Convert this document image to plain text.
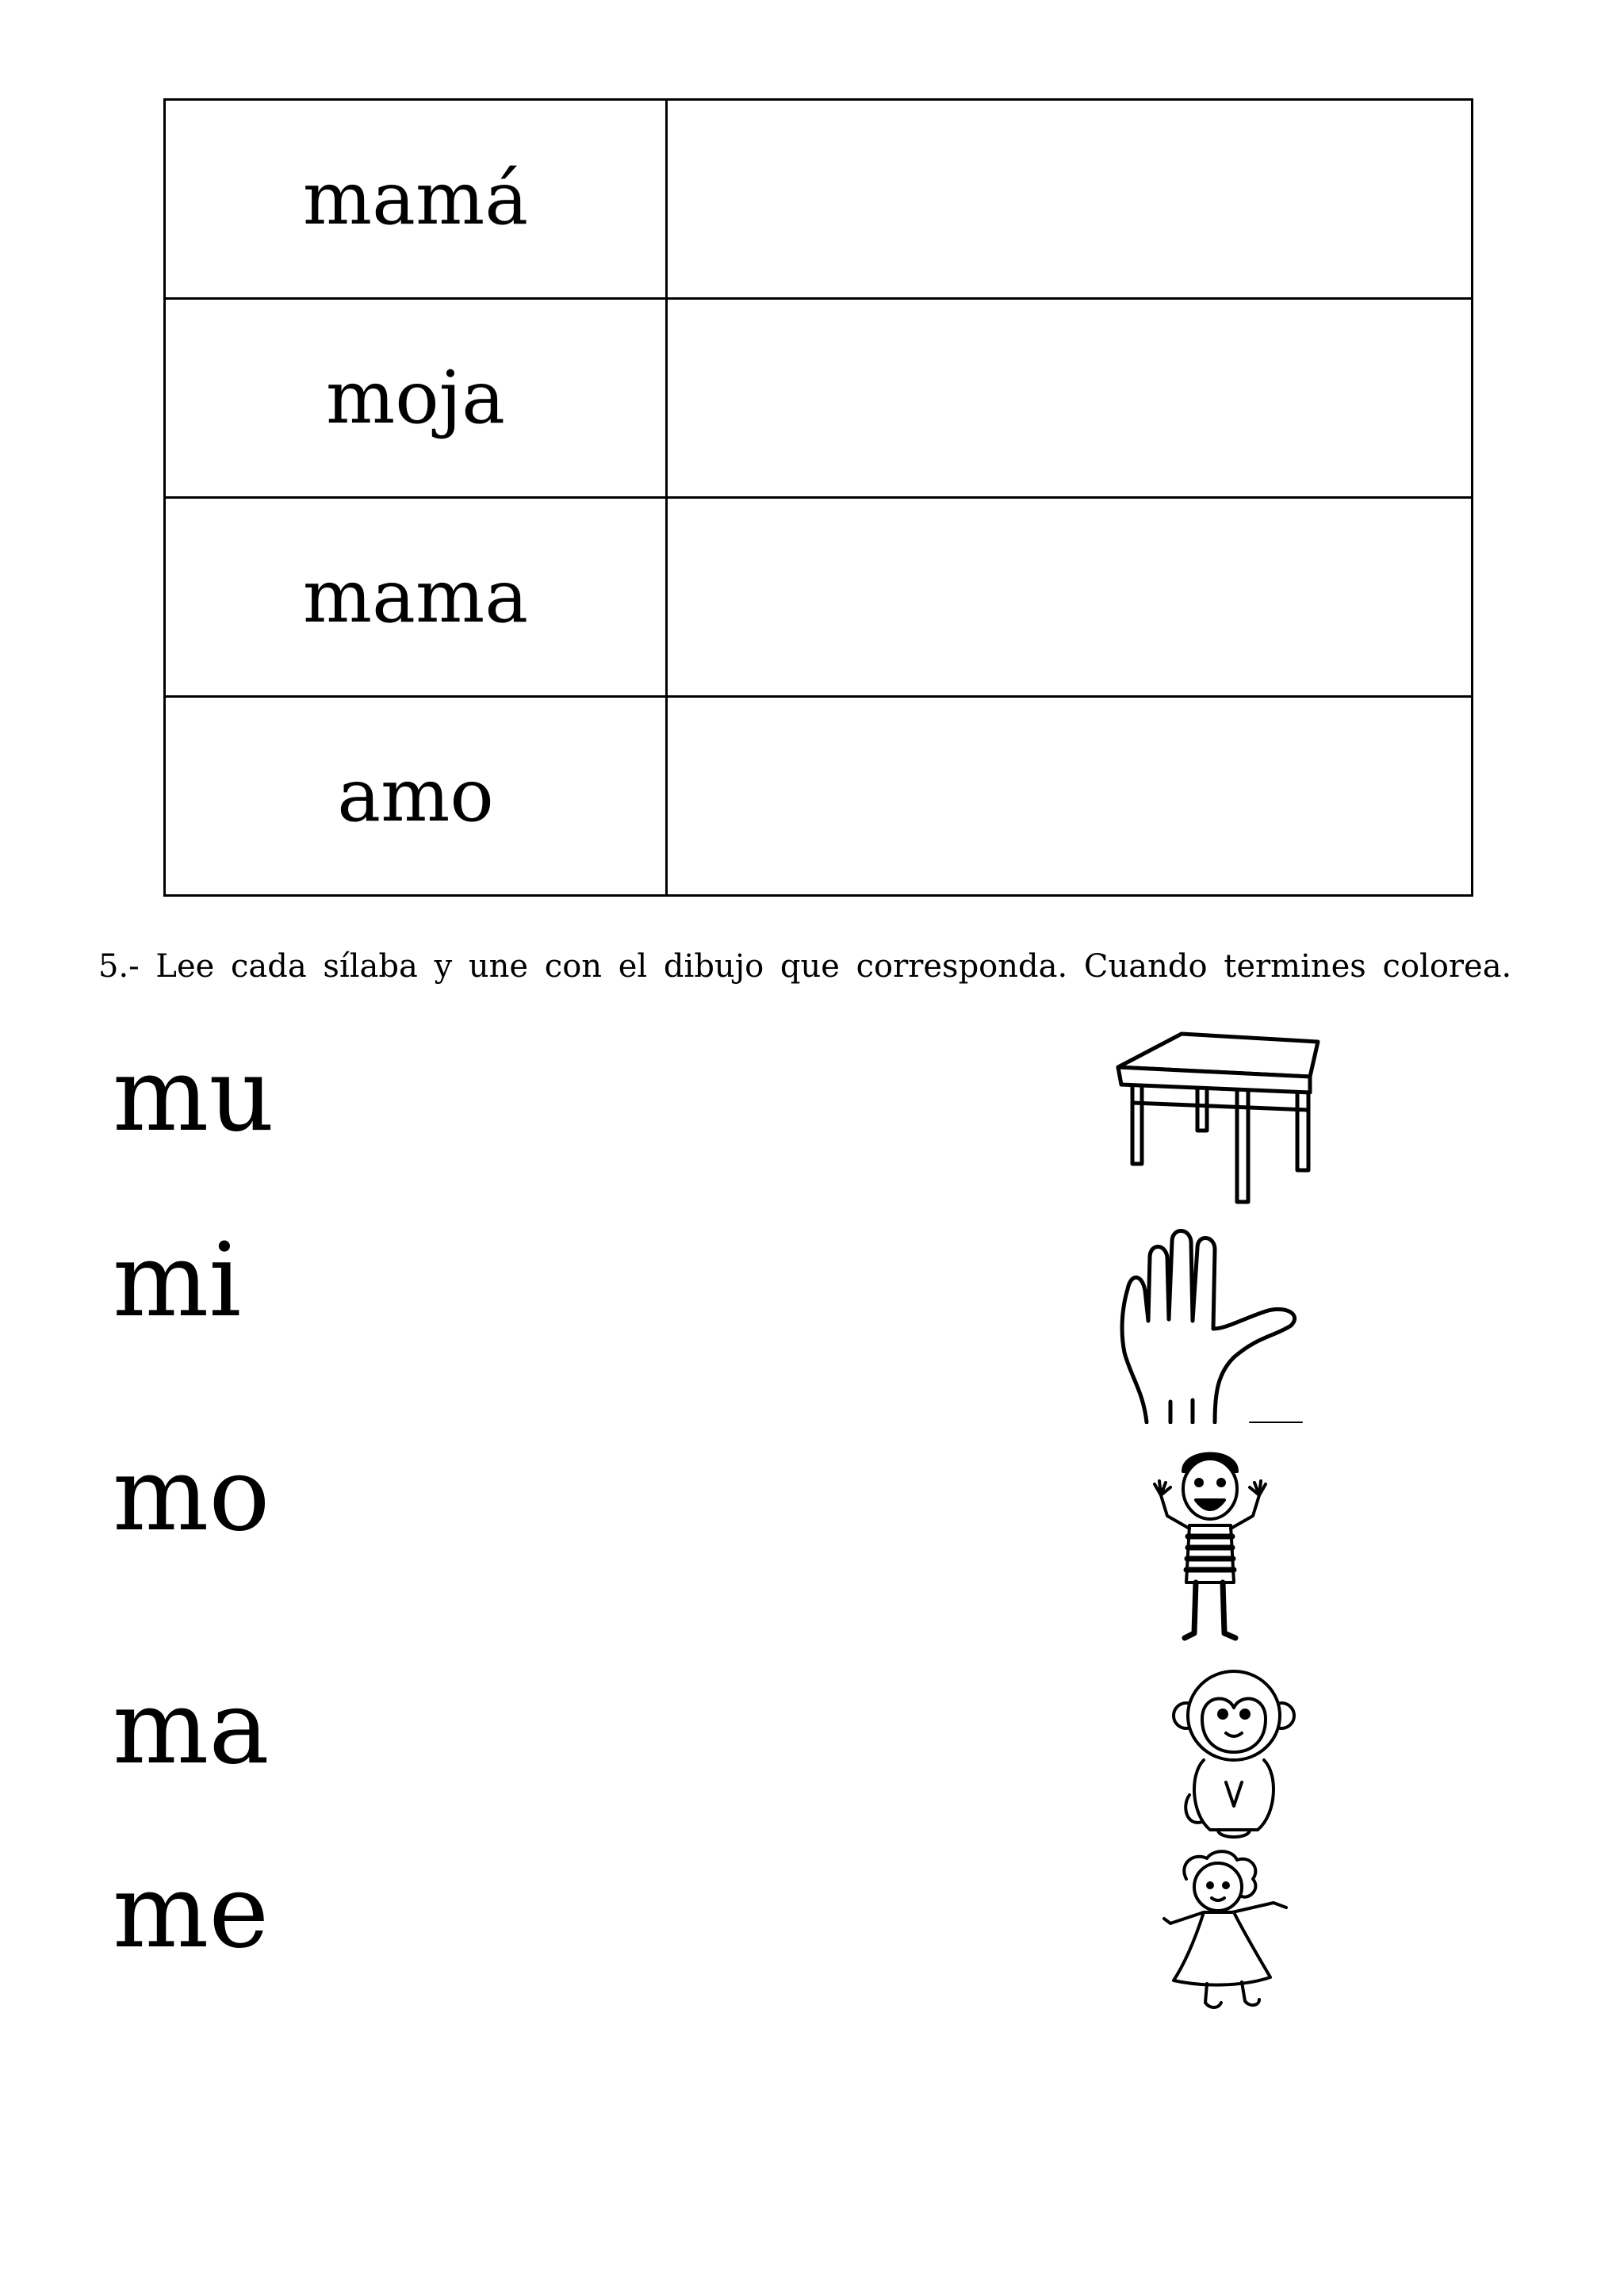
mamá	
moja	
mama	
amo	
5.- Lee cada sílaba y une con el dibujo que corresponda. Cuando termines colorea.
mu
mi
mo
ma
me
